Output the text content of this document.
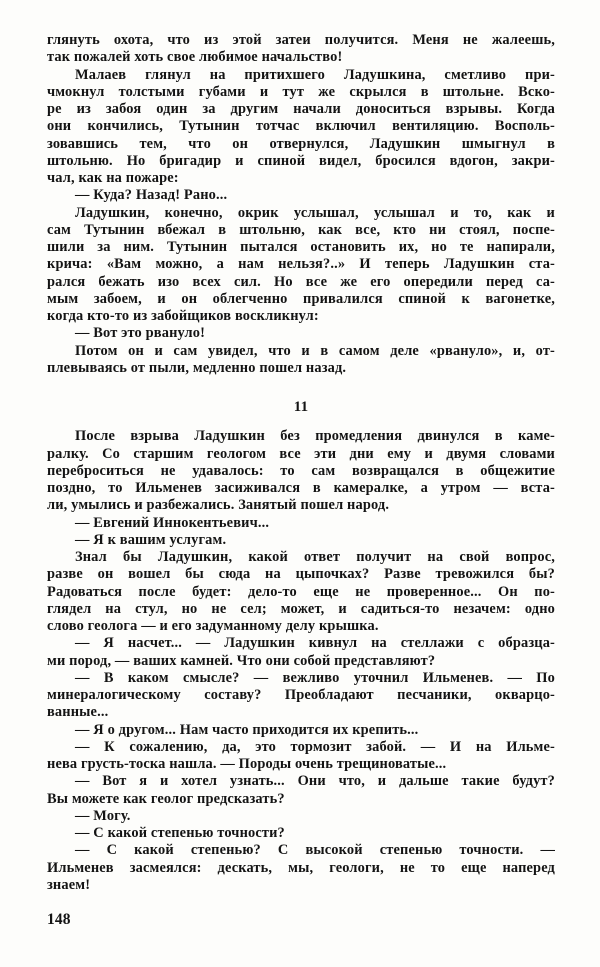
глянуть охота, что из этой затеи получится. Меня не жалеешь,
так пожалей хоть свое любимое начальство!
Малаев глянул на притихшего Ладушкина, сметливо при-
чмокнул толстыми губами и тут же скрылся в штольне. Вско-
ре из забоя один за другим начали доноситься взрывы. Когда
они кончились, Тутынин тотчас включил вентиляцию. Восполь-
зовавшись тем, что он отвернулся, Ладушкин шмыгнул в
штольню. Но бригадир и спиной видел, бросился вдогон, закри-
чал, как на пожаре:
— Куда? Назад! Рано...
Ладушкин, конечно, окрик услышал, услышал и то, как и
сам Тутынин вбежал в штольню, как все, кто ни стоял, поспе-
шили за ним. Тутынин пытался остановить их, но те напирали,
крича: «Вам можно, а нам нельзя?..» И теперь Ладушкин ста-
рался бежать изо всех сил. Но все же его опередили перед са-
мым забоем, и он облегченно привалился спиной к вагонетке,
когда кто-то из забойщиков воскликнул:
— Вот это рвануло!
Потом он и сам увидел, что и в самом деле «рвануло», и, от-
плевываясь от пыли, медленно пошел назад.
11
После взрыва Ладушкин без промедления двинулся в каме-
ралку. Со старшим геологом все эти дни ему и двумя словами
переброситься не удавалось: то сам возвращался в общежитие
поздно, то Ильменев засиживался в камералке, а утром — вста-
ли, умылись и разбежались. Занятый пошел народ.
— Евгений Иннокентьевич...
— Я к вашим услугам.
Знал бы Ладушкин, какой ответ получит на свой вопрос,
разве он вошел бы сюда на цыпочках? Разве тревожился бы?
Радоваться после будет: дело-то еще не проверенное... Он по-
глядел на стул, но не сел; может, и садиться-то незачем: одно
слово геолога — и его задуманному делу крышка.
— Я насчет... — Ладушкин кивнул на стеллажи с образца-
ми пород, — ваших камней. Что они собой представляют?
— В каком смысле? — вежливо уточнил Ильменев. — По
минералогическому составу? Преобладают песчаники, окварцо-
ванные...
— Я о другом... Нам часто приходится их крепить...
— К сожалению, да, это тормозит забой. — И на Ильме-
нева грусть-тоска нашла. — Породы очень трещиноватые...
— Вот я и хотел узнать... Они что, и дальше такие будут?
Вы можете как геолог предсказать?
— Могу.
— С какой степенью точности?
— С какой степенью? С высокой степенью точности. —
Ильменев засмеялся: дескать, мы, геологи, не то еще наперед
знаем!
148
